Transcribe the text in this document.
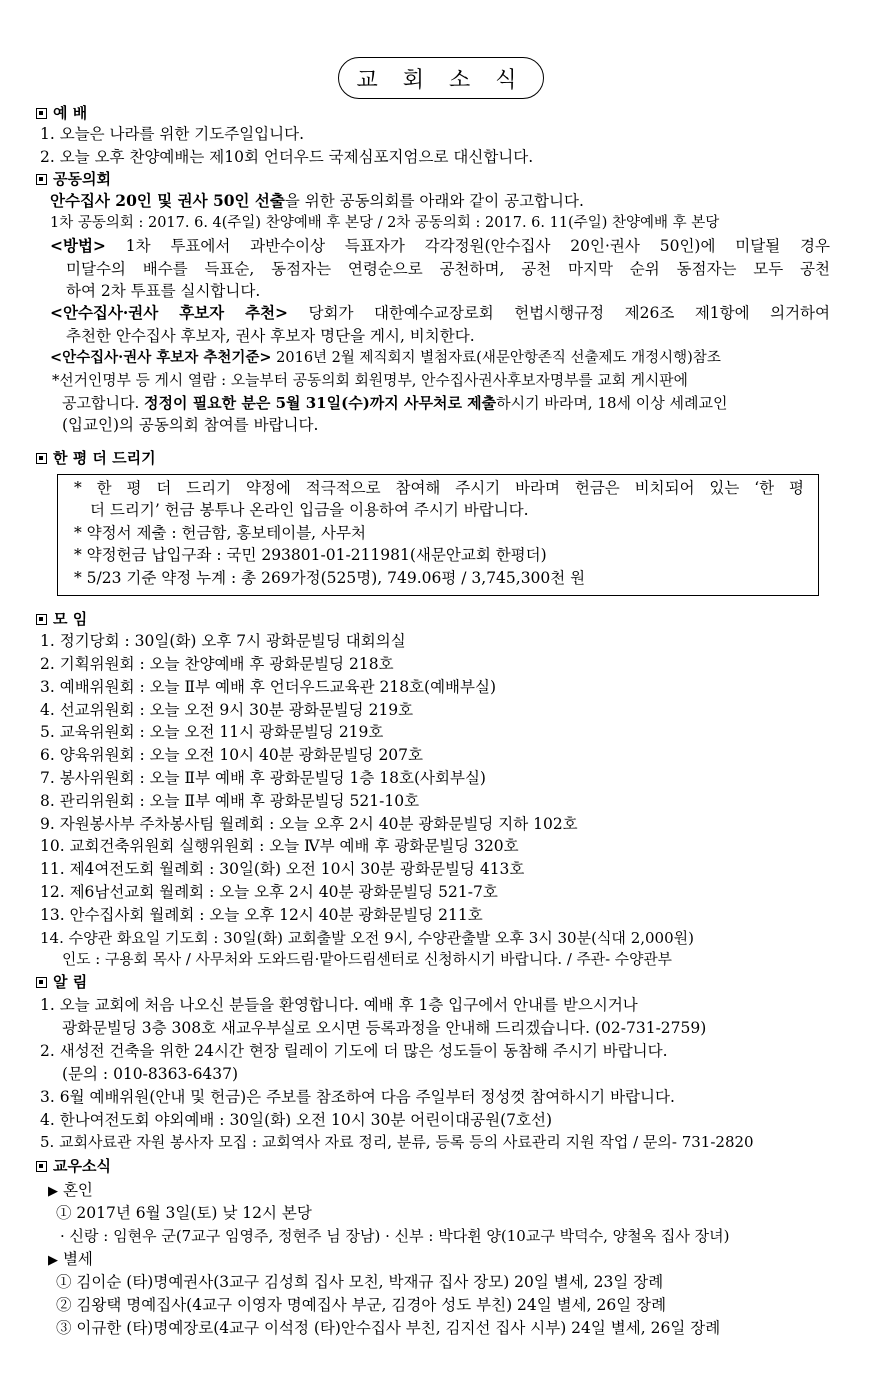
교 회 소 식
예 배
1. 오늘은 나라를 위한 기도주일입니다.
2. 오늘 오후 찬양예배는 제10회 언더우드 국제심포지엄으로 대신합니다.
공동의회
안수집사 20인 및 권사 50인 선출을 위한 공동의회를 아래와 같이 공고합니다.
1차 공동의회 : 2017. 6. 4(주일) 찬양예배 후 본당 / 2차 공동의회 : 2017. 6. 11(주일) 찬양예배 후 본당
<방법> 1차 투표에서 과반수이상 득표자가 각각정원(안수집사 20인·권사 50인)에 미달될 경우
미달수의 배수를 득표순, 동점자는 연령순으로 공천하며, 공천 마지막 순위 동점자는 모두 공천
하여 2차 투표를 실시합니다.
<안수집사·권사 후보자 추천> 당회가 대한예수교장로회 헌법시행규정 제26조 제1항에 의거하여
추천한 안수집사 후보자, 권사 후보자 명단을 게시, 비치한다.
<안수집사·권사 후보자 추천기준> 2016년 2월 제직회지 별첨자료(새문안항존직 선출제도 개정시행)참조
*선거인명부 등 게시 열람 : 오늘부터 공동의회 회원명부, 안수집사권사후보자명부를 교회 게시판에
공고합니다. 정정이 필요한 분은 5월 31일(수)까지 사무처로 제출하시기 바라며, 18세 이상 세례교인
(입교인)의 공동의회 참여를 바랍니다.
한 평 더 드리기
* 한 평 더 드리기 약정에 적극적으로 참여해 주시기 바라며 헌금은 비치되어 있는 ‘한 평
더 드리기’ 헌금 봉투나 온라인 입금을 이용하여 주시기 바랍니다.
* 약정서 제출 : 헌금함, 홍보테이블, 사무처
* 약정헌금 납입구좌 : 국민 293801-01-211981(새문안교회 한평더)
* 5/23 기준 약정 누계 : 총 269가정(525명), 749.06평 / 3,745,300천 원
모 임
1. 정기당회 : 30일(화) 오후 7시 광화문빌딩 대회의실
2. 기획위원회 : 오늘 찬양예배 후 광화문빌딩 218호
3. 예배위원회 : 오늘 Ⅱ부 예배 후 언더우드교육관 218호(예배부실)
4. 선교위원회 : 오늘 오전 9시 30분 광화문빌딩 219호
5. 교육위원회 : 오늘 오전 11시 광화문빌딩 219호
6. 양육위원회 : 오늘 오전 10시 40분 광화문빌딩 207호
7. 봉사위원회 : 오늘 Ⅱ부 예배 후 광화문빌딩 1층 18호(사회부실)
8. 관리위원회 : 오늘 Ⅱ부 예배 후 광화문빌딩 521-10호
9. 자원봉사부 주차봉사팀 월례회 : 오늘 오후 2시 40분 광화문빌딩 지하 102호
10. 교회건축위원회 실행위원회 : 오늘 Ⅳ부 예배 후 광화문빌딩 320호
11. 제4여전도회 월례회 : 30일(화) 오전 10시 30분 광화문빌딩 413호
12. 제6남선교회 월례회 : 오늘 오후 2시 40분 광화문빌딩 521-7호
13. 안수집사회 월례회 : 오늘 오후 12시 40분 광화문빌딩 211호
14. 수양관 화요일 기도회 : 30일(화) 교회출발 오전 9시, 수양관출발 오후 3시 30분(식대 2,000원)
인도 : 구용회 목사 / 사무처와 도와드림·맡아드림센터로 신청하시기 바랍니다. / 주관- 수양관부
알 림
1. 오늘 교회에 처음 나오신 분들을 환영합니다. 예배 후 1층 입구에서 안내를 받으시거나
광화문빌딩 3층 308호 새교우부실로 오시면 등록과정을 안내해 드리겠습니다. (02-731-2759)
2. 새성전 건축을 위한 24시간 현장 릴레이 기도에 더 많은 성도들이 동참해 주시기 바랍니다.
(문의 : 010-8363-6437)
3. 6월 예배위원(안내 및 헌금)은 주보를 참조하여 다음 주일부터 정성껏 참여하시기 바랍니다.
4. 한나여전도회 야외예배 : 30일(화) 오전 10시 30분 어린이대공원(7호선)
5. 교회사료관 자원 봉사자 모집 : 교회역사 자료 정리, 분류, 등록 등의 사료관리 지원 작업 / 문의- 731-2820
교우소식
▶ 혼인
① 2017년 6월 3일(토) 낮 12시 본당
· 신랑 : 임현우 군(7교구 임영주, 정현주 님 장남) · 신부 : 박다휜 양(10교구 박덕수, 양철옥 집사 장녀)
▶ 별세
① 김이순 (타)명예권사(3교구 김성희 집사 모친, 박재규 집사 장모) 20일 별세, 23일 장례
② 김왕택 명예집사(4교구 이영자 명예집사 부군, 김경아 성도 부친) 24일 별세, 26일 장례
③ 이규한 (타)명예장로(4교구 이석정 (타)안수집사 부친, 김지선 집사 시부) 24일 별세, 26일 장례
